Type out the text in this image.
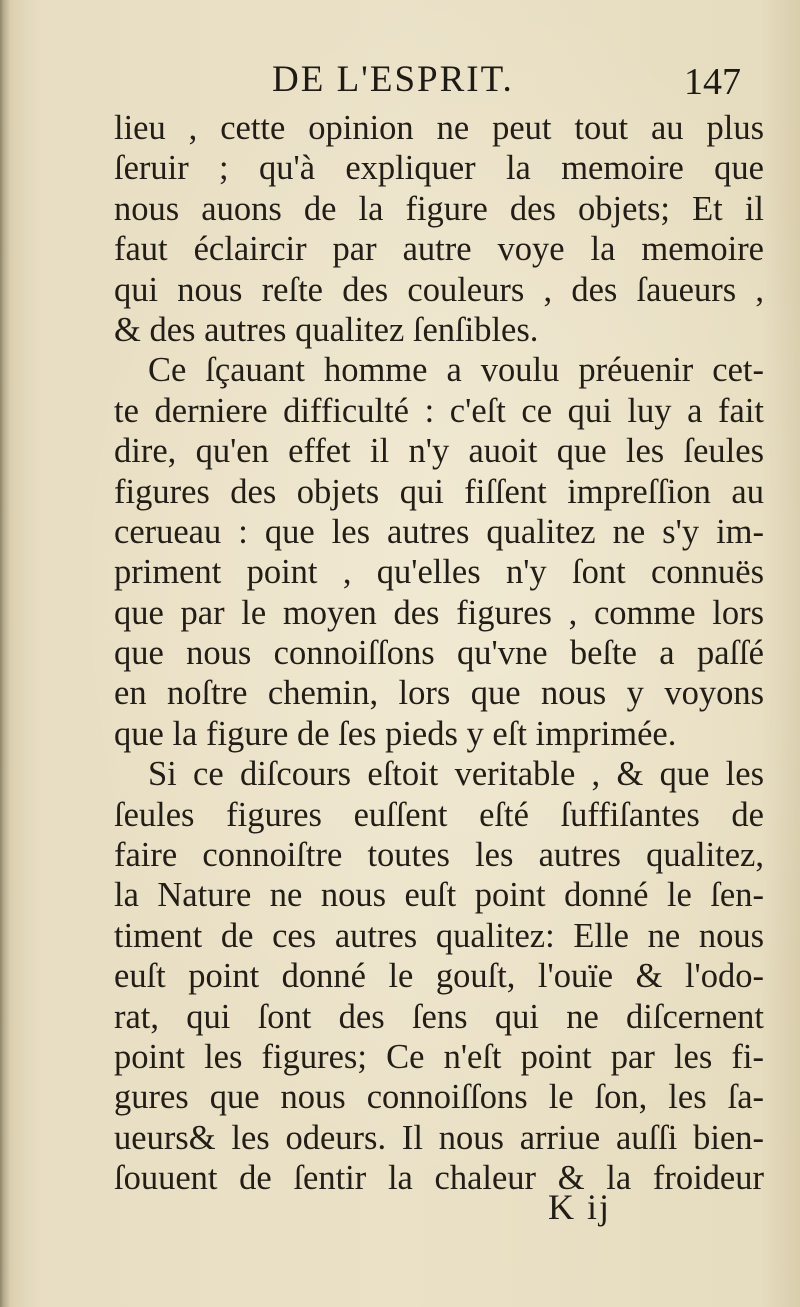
DE L'ESPRIT.	147
lieu , cette opinion ne peut tout au plus
ſeruir ; qu'à expliquer la memoire que
nous auons de la figure des objets; Et il
faut éclaircir par autre voye la memoire
qui nous reſte des couleurs , des ſaueurs ,
& des autres qualitez ſenſibles.
Ce ſçauant homme a voulu préuenir cet-
te derniere difficulté : c'eſt ce qui luy a fait
dire, qu'en effet il n'y auoit que les ſeules
figures des objets qui fiſſent impreſſion au
cerueau : que les autres qualitez ne s'y im-
priment point , qu'elles n'y ſont connuës
que par le moyen des figures , comme lors
que nous connoiſſons qu'vne beſte a paſſé
en noſtre chemin, lors que nous y voyons
que la figure de ſes pieds y eſt imprimée.
Si ce diſcours eſtoit veritable , & que les
ſeules figures euſſent eſté ſuffiſantes de
faire connoiſtre toutes les autres qualitez,
la Nature ne nous euſt point donné le ſen-
timent de ces autres qualitez: Elle ne nous
euſt point donné le gouſt, l'ouïe & l'odo-
rat, qui ſont des ſens qui ne diſcernent
point les figures; Ce n'eſt point par les fi-
gures que nous connoiſſons le ſon, les ſa-
ueurs& les odeurs. Il nous arriue auſſi bien-
ſouuent de ſentir la chaleur & la froideur
K ij
